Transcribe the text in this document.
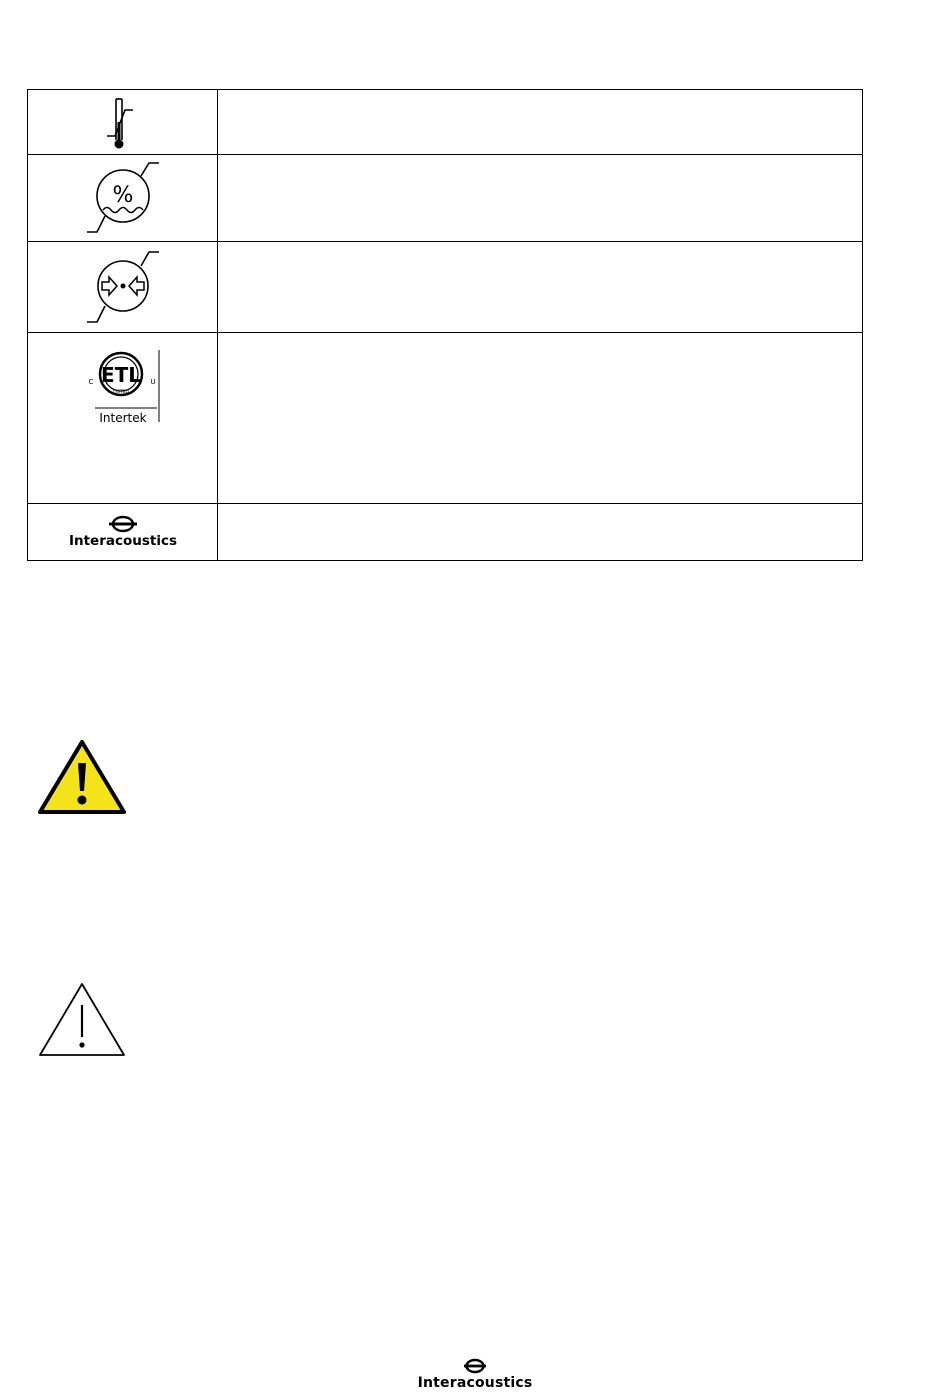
%	

ETL
LISTED
C U
Intertek	

Interacoustics	

Interacoustics
